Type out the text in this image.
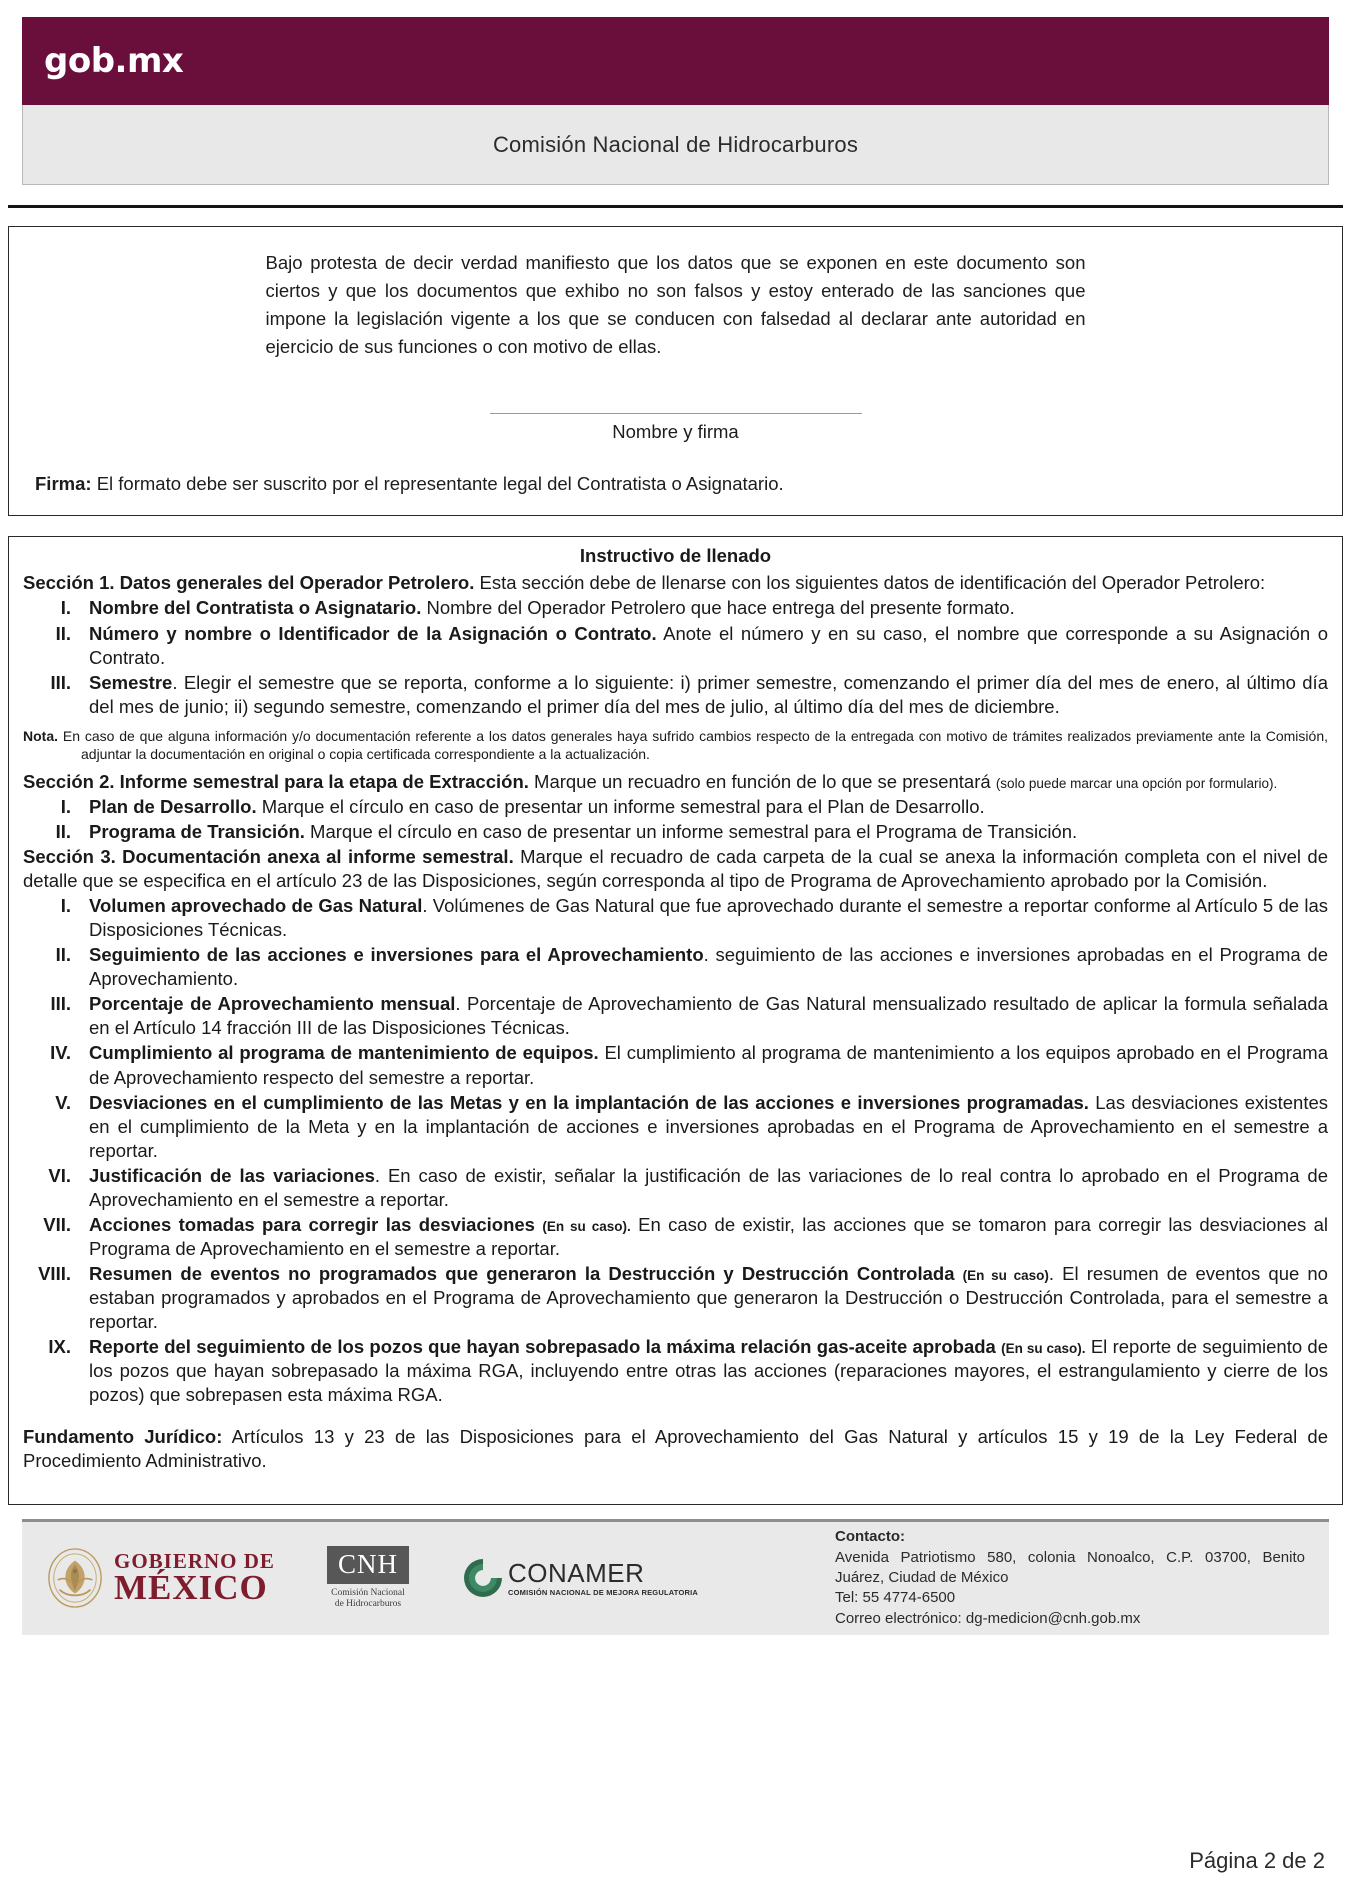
gob.mx
Comisión Nacional de Hidrocarburos
Bajo protesta de decir verdad manifiesto que los datos que se exponen en este documento son ciertos y que los documentos que exhibo no son falsos y estoy enterado de las sanciones que impone la legislación vigente a los que se conducen con falsedad al declarar ante autoridad en ejercicio de sus funciones o con motivo de ellas.
Nombre y firma
Firma: El formato debe ser suscrito por el representante legal del Contratista o Asignatario.
Instructivo de llenado

Sección 1. Datos generales del Operador Petrolero. Esta sección debe de llenarse con los siguientes datos de identificación del Operador Petrolero:

I. Nombre del Contratista o Asignatario. Nombre del Operador Petrolero que hace entrega del presente formato.
II. Número y nombre o Identificador de la Asignación o Contrato. Anote el número y en su caso, el nombre que corresponde a su Asignación o Contrato.
III. Semestre. Elegir el semestre que se reporta, conforme a lo siguiente: i) primer semestre, comenzando el primer día del mes de enero, al último día del mes de junio; ii) segundo semestre, comenzando el primer día del mes de julio, al último día del mes de diciembre.

Nota. En caso de que alguna información y/o documentación referente a los datos generales haya sufrido cambios respecto de la entregada con motivo de trámites realizados previamente ante la Comisión, adjuntar la documentación en original o copia certificada correspondiente a la actualización.

Sección 2. Informe semestral para la etapa de Extracción. Marque un recuadro en función de lo que se presentará (solo puede marcar una opción por formulario).

I. Plan de Desarrollo. Marque el círculo en caso de presentar un informe semestral para el Plan de Desarrollo.
II. Programa de Transición. Marque el círculo en caso de presentar un informe semestral para el Programa de Transición.

Sección 3. Documentación anexa al informe semestral. Marque el recuadro de cada carpeta de la cual se anexa la información completa con el nivel de detalle que se especifica en el artículo 23 de las Disposiciones, según corresponda al tipo de Programa de Aprovechamiento aprobado por la Comisión.

I. Volumen aprovechado de Gas Natural. Volúmenes de Gas Natural que fue aprovechado durante el semestre a reportar conforme al Artículo 5 de las Disposiciones Técnicas.
II. Seguimiento de las acciones e inversiones para el Aprovechamiento. seguimiento de las acciones e inversiones aprobadas en el Programa de Aprovechamiento.
III. Porcentaje de Aprovechamiento mensual. Porcentaje de Aprovechamiento de Gas Natural mensualizado resultado de aplicar la formula señalada en el Artículo 14 fracción III de las Disposiciones Técnicas.
IV. Cumplimiento al programa de mantenimiento de equipos. El cumplimiento al programa de mantenimiento a los equipos aprobado en el Programa de Aprovechamiento respecto del semestre a reportar.
V. Desviaciones en el cumplimiento de las Metas y en la implantación de las acciones e inversiones programadas. Las desviaciones existentes en el cumplimiento de la Meta y en la implantación de acciones e inversiones aprobadas en el Programa de Aprovechamiento en el semestre a reportar.
VI. Justificación de las variaciones. En caso de existir, señalar la justificación de las variaciones de lo real contra lo aprobado en el Programa de Aprovechamiento en el semestre a reportar.
VII. Acciones tomadas para corregir las desviaciones (En su caso). En caso de existir, las acciones que se tomaron para corregir las desviaciones al Programa de Aprovechamiento en el semestre a reportar.
VIII. Resumen de eventos no programados que generaron la Destrucción y Destrucción Controlada (En su caso). El resumen de eventos que no estaban programados y aprobados en el Programa de Aprovechamiento que generaron la Destrucción o Destrucción Controlada, para el semestre a reportar.
IX. Reporte del seguimiento de los pozos que hayan sobrepasado la máxima relación gas-aceite aprobada (En su caso). El reporte de seguimiento de los pozos que hayan sobrepasado la máxima RGA, incluyendo entre otras las acciones (reparaciones mayores, el estrangulamiento y cierre de los pozos) que sobrepasen esta máxima RGA.

Fundamento Jurídico: Artículos 13 y 23 de las Disposiciones para el Aprovechamiento del Gas Natural y artículos 15 y 19 de la Ley Federal de Procedimiento Administrativo.

GOBIERNO DE
MÉXICO
CNH
Comisión Nacional
de Hidrocarburos
CONAMER
COMISIÓN NACIONAL DE MEJORA REGULATORIA
Contacto:
Avenida Patriotismo 580, colonia Nonoalco, C.P. 03700, Benito Juárez, Ciudad de México
Tel: 55 4774-6500
Correo electrónico: dg-medicion@cnh.gob.mx
Página 2 de 2
